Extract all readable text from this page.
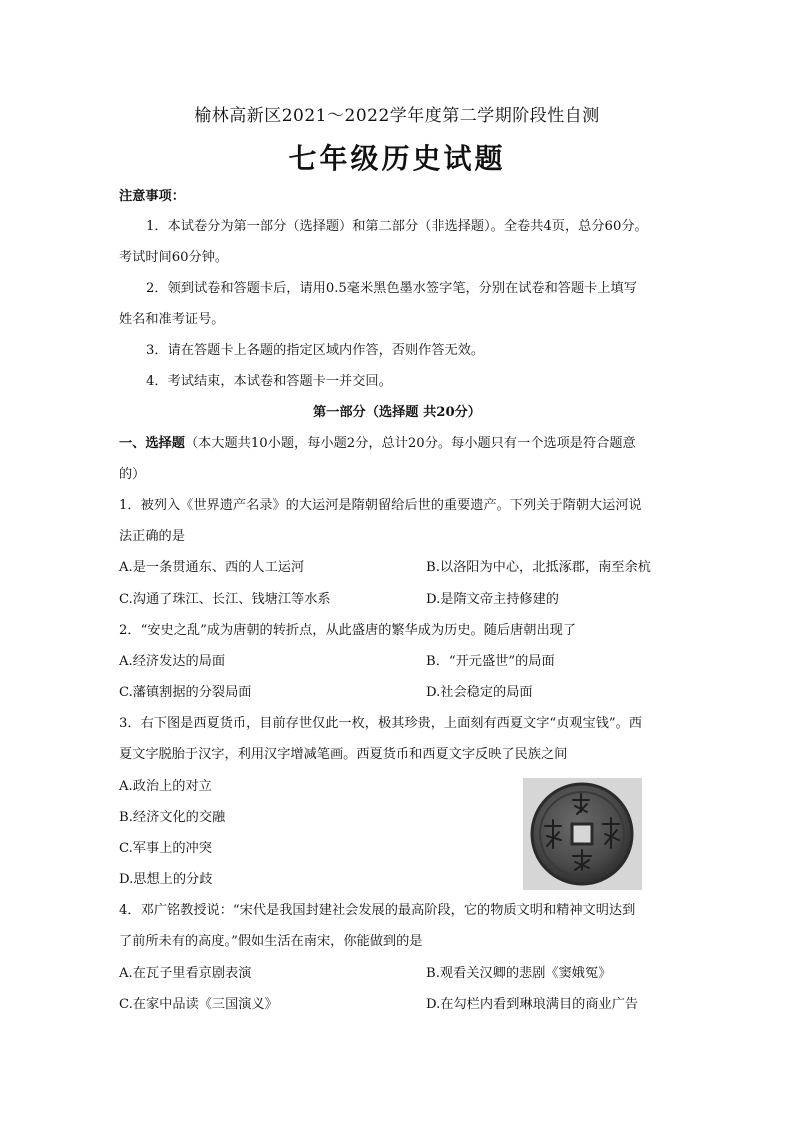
榆林高新区2021～2022学年度第二学期阶段性自测
七年级历史试题
注意事项：
1．本试卷分为第一部分（选择题）和第二部分（非选择题）。全卷共4页，总分60分。
考试时间60分钟。
2．领到试卷和答题卡后，请用0.5毫米黑色墨水签字笔，分别在试卷和答题卡上填写
姓名和准考证号。
3．请在答题卡上各题的指定区域内作答，否则作答无效。
4．考试结束，本试卷和答题卡一并交回。
第一部分（选择题 共20分）
一、选择题（本大题共10小题，每小题2分，总计20分。每小题只有一个选项是符合题意
的）
1．被列入《世界遗产名录》的大运河是隋朝留给后世的重要遗产。下列关于隋朝大运河说
法正确的是
A.是一条贯通东、西的人工运河	B.以洛阳为中心，北抵涿郡，南至余杭
C.沟通了珠江、长江、钱塘江等水系	D.是隋文帝主持修建的
2．“安史之乱”成为唐朝的转折点，从此盛唐的繁华成为历史。随后唐朝出现了
A.经济发达的局面	B．“开元盛世”的局面
C.藩镇割据的分裂局面	D.社会稳定的局面
3．右下图是西夏货币，目前存世仅此一枚，极其珍贵，上面刻有西夏文字“贞观宝钱”。西
夏文字脱胎于汉字，利用汉字增减笔画。西夏货币和西夏文字反映了民族之间
A.政治上的对立
B.经济文化的交融
C.军事上的冲突
D.思想上的分歧
4．邓广铭教授说：“宋代是我国封建社会发展的最高阶段，它的物质文明和精神文明达到
了前所未有的高度。”假如生活在南宋，你能做到的是
A.在瓦子里看京剧表演	B.观看关汉卿的悲剧《窦娥冤》
C.在家中品读《三国演义》	D.在勾栏内看到琳琅满目的商业广告
